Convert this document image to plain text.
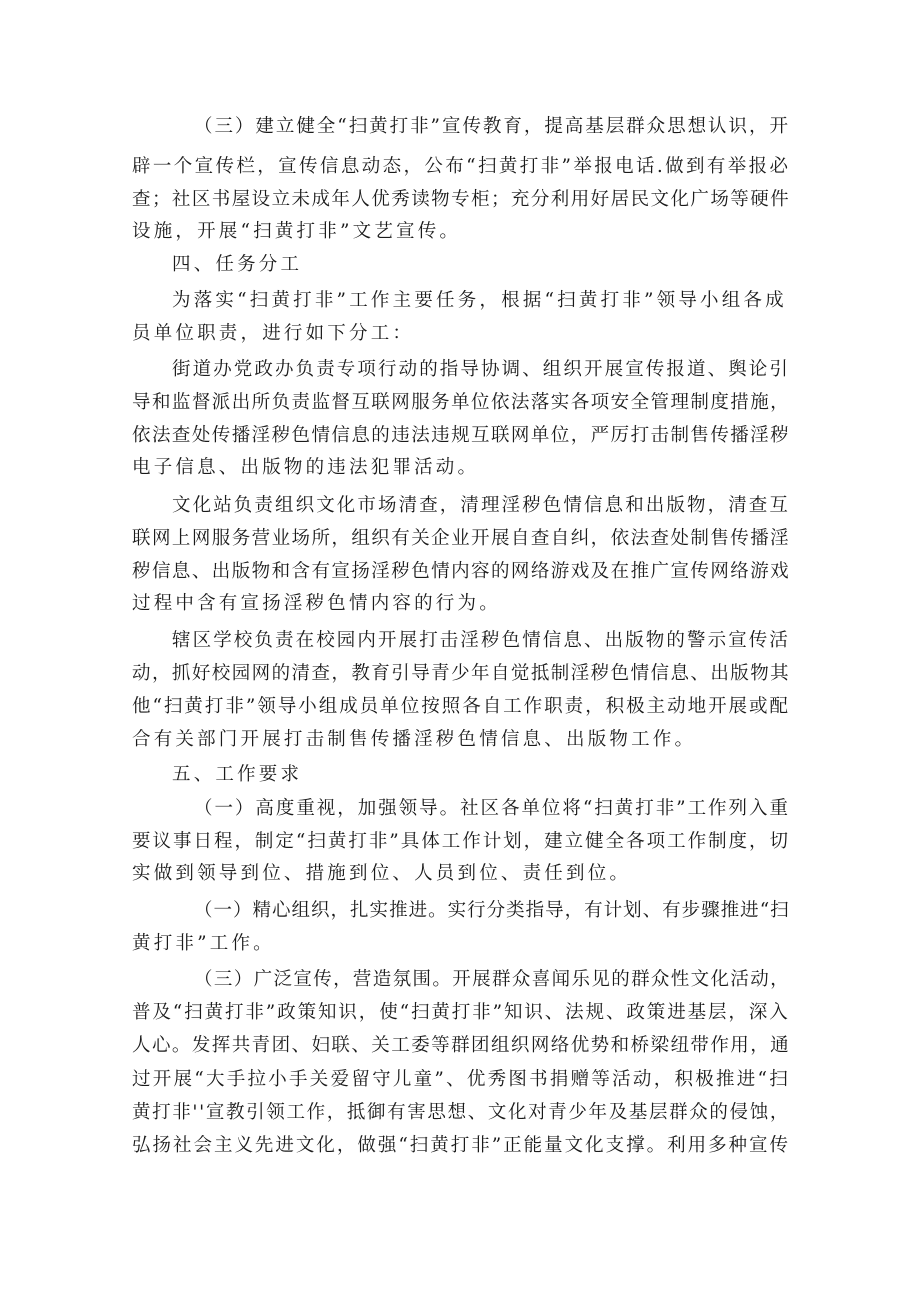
（三）建立健全“扫黄打非”宣传教育，提高基层群众思想认识，开
辟一个宣传栏，宣传信息动态，公布“扫黄打非”举报电话.做到有举报必
查；社区书屋设立未成年人优秀读物专柜；充分利用好居民文化广场等硬件
设施，开展“扫黄打非”文艺宣传。
四、任务分工
为落实“扫黄打非”工作主要任务，根据“扫黄打非”领导小组各成
员单位职责，进行如下分工：
街道办党政办负责专项行动的指导协调、组织开展宣传报道、舆论引
导和监督派出所负责监督互联网服务单位依法落实各项安全管理制度措施，
依法查处传播淫秽色情信息的违法违规互联网单位，严厉打击制售传播淫秽
电子信息、出版物的违法犯罪活动。
文化站负责组织文化市场清查，清理淫秽色情信息和出版物，清查互
联网上网服务营业场所，组织有关企业开展自查自纠，依法查处制售传播淫
秽信息、出版物和含有宣扬淫秽色情内容的网络游戏及在推广宣传网络游戏
过程中含有宣扬淫秽色情内容的行为。
辖区学校负责在校园内开展打击淫秽色情信息、出版物的警示宣传活
动，抓好校园网的清查，教育引导青少年自觉抵制淫秽色情信息、出版物其
他“扫黄打非”领导小组成员单位按照各自工作职责，积极主动地开展或配
合有关部门开展打击制售传播淫秽色情信息、出版物工作。
五、工作要求
（一）高度重视，加强领导。社区各单位将“扫黄打非”工作列入重
要议事日程，制定“扫黄打非”具体工作计划，建立健全各项工作制度，切
实做到领导到位、措施到位、人员到位、责任到位。
（一）精心组织，扎实推进。实行分类指导，有计划、有步骤推进“扫
黄打非”工作。
（三）广泛宣传，营造氛围。开展群众喜闻乐见的群众性文化活动，
普及“扫黄打非”政策知识，使“扫黄打非”知识、法规、政策进基层，深入
人心。发挥共青团、妇联、关工委等群团组织网络优势和桥梁纽带作用，通
过开展“大手拉小手关爱留守儿童”、优秀图书捐赠等活动，积极推进“扫
黄打非''宣教引领工作，抵御有害思想、文化对青少年及基层群众的侵蚀，
弘扬社会主义先进文化，做强“扫黄打非”正能量文化支撑。利用多种宣传
